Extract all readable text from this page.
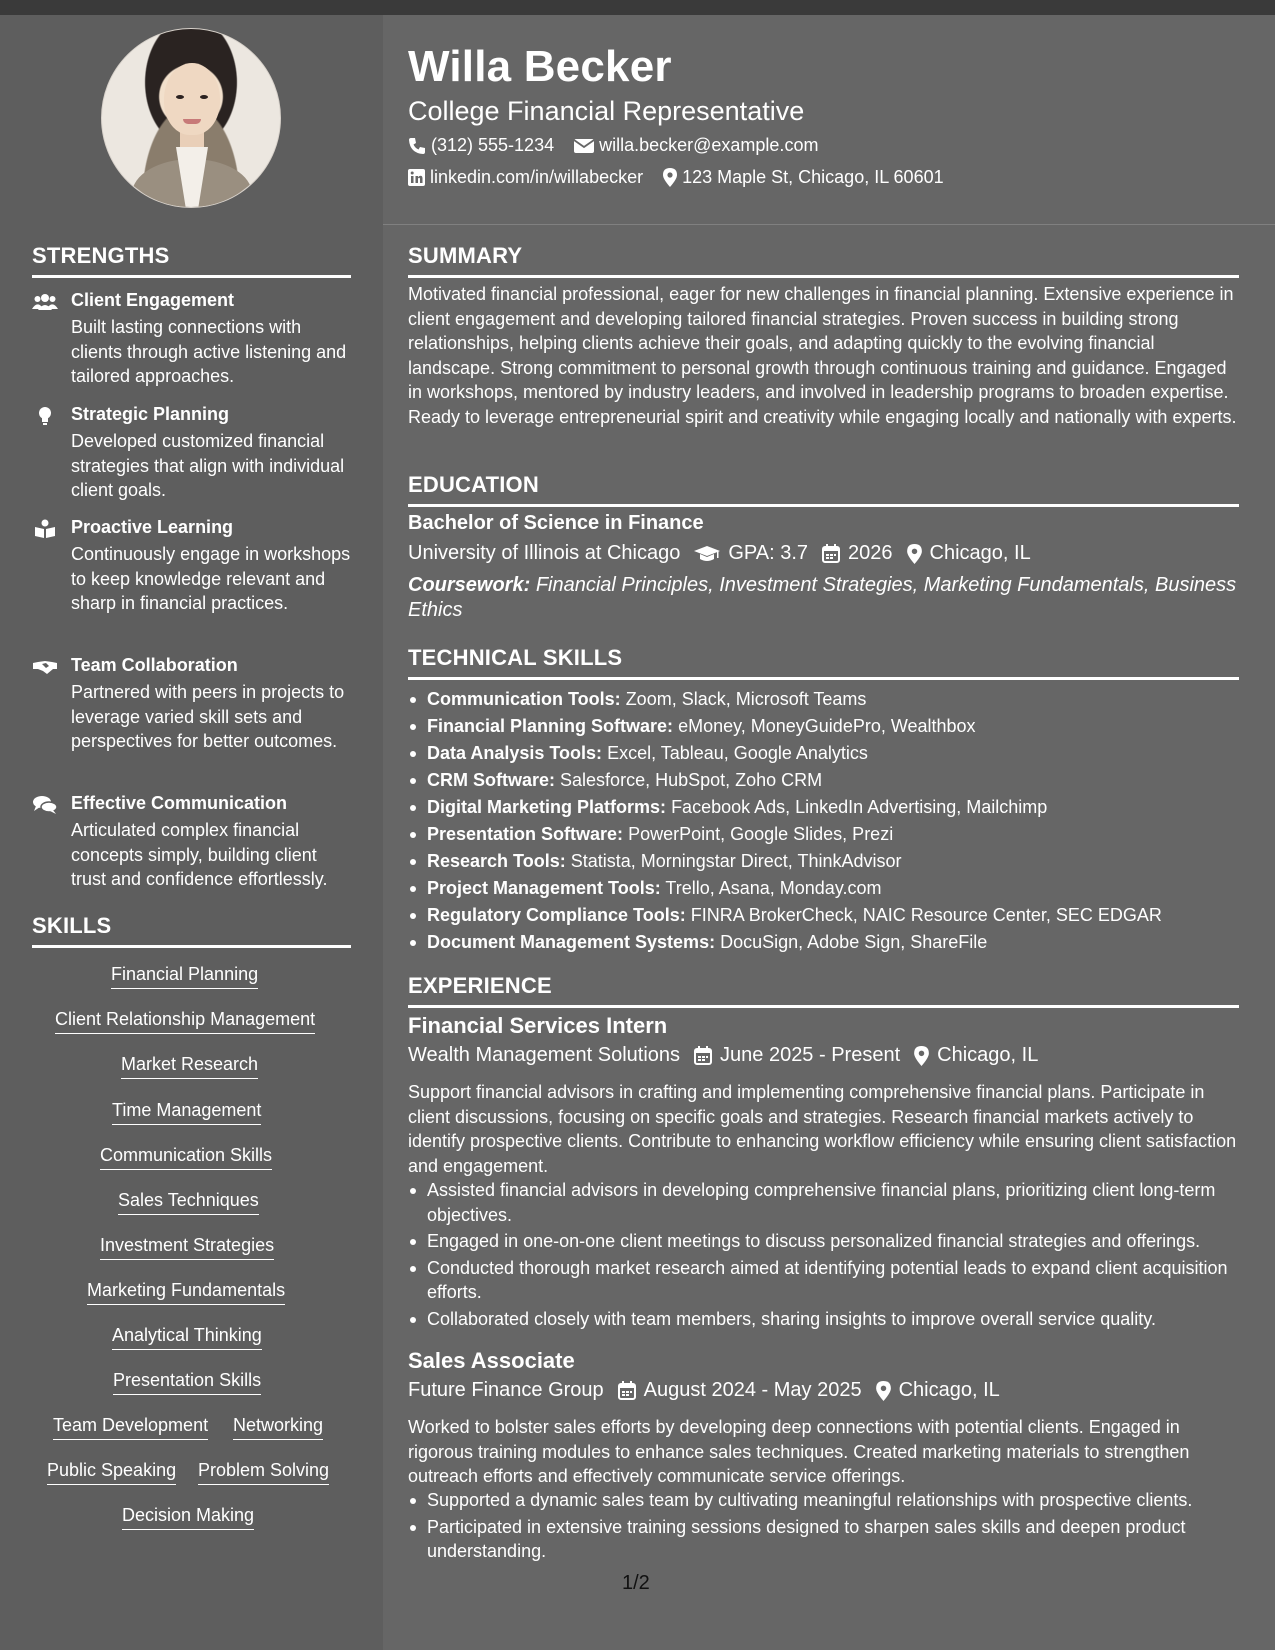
STRENGTHS
Client Engagement
Built lasting connections with clients through active listening and tailored approaches.
Strategic Planning
Developed customized financial strategies that align with individual client goals.
Proactive Learning
Continuously engage in workshops to keep knowledge relevant and sharp in financial practices.
Team Collaboration
Partnered with peers in projects to leverage varied skill sets and perspectives for better outcomes.
Effective Communication
Articulated complex financial concepts simply, building client trust and confidence effortlessly.
SKILLS
Financial Planning
Client Relationship Management
Market Research
Time Management
Communication Skills
Sales Techniques
Investment Strategies
Marketing Fundamentals
Analytical Thinking
Presentation Skills
Team Development Networking
Public Speaking Problem Solving
Decision Making
Willa Becker
College Financial Representative
(312) 555-1234	willa.becker@example.com
linkedin.com/in/willabecker 123 Maple St, Chicago, IL 60601
SUMMARY
Motivated financial professional, eager for new challenges in financial planning. Extensive experience in client engagement and developing tailored financial strategies. Proven success in building strong relationships, helping clients achieve their goals, and adapting quickly to the evolving financial landscape. Strong commitment to personal growth through continuous training and guidance. Engaged in workshops, mentored by industry leaders, and involved in leadership programs to broaden expertise. Ready to leverage entrepreneurial spirit and creativity while engaging locally and nationally with experts.
EDUCATION
Bachelor of Science in Finance
University of Illinois at Chicago GPA: 3.7 2026 Chicago, IL
Coursework: Financial Principles, Investment Strategies, Marketing Fundamentals, Business Ethics
TECHNICAL SKILLS
Communication Tools: Zoom, Slack, Microsoft Teams
Financial Planning Software: eMoney, MoneyGuidePro, Wealthbox
Data Analysis Tools: Excel, Tableau, Google Analytics
CRM Software: Salesforce, HubSpot, Zoho CRM
Digital Marketing Platforms: Facebook Ads, LinkedIn Advertising, Mailchimp
Presentation Software: PowerPoint, Google Slides, Prezi
Research Tools: Statista, Morningstar Direct, ThinkAdvisor
Project Management Tools: Trello, Asana, Monday.com
Regulatory Compliance Tools: FINRA BrokerCheck, NAIC Resource Center, SEC EDGAR
Document Management Systems: DocuSign, Adobe Sign, ShareFile
EXPERIENCE
Financial Services Intern
Wealth Management Solutions June 2025 - Present Chicago, IL
Support financial advisors in crafting and implementing comprehensive financial plans. Participate in client discussions, focusing on specific goals and strategies. Research financial markets actively to identify prospective clients. Contribute to enhancing workflow efficiency while ensuring client satisfaction and engagement.
Assisted financial advisors in developing comprehensive financial plans, prioritizing client long-term objectives.
Engaged in one-on-one client meetings to discuss personalized financial strategies and offerings.
Conducted thorough market research aimed at identifying potential leads to expand client acquisition efforts.
Collaborated closely with team members, sharing insights to improve overall service quality.
Sales Associate
Future Finance Group August 2024 - May 2025 Chicago, IL
Worked to bolster sales efforts by developing deep connections with potential clients. Engaged in rigorous training modules to enhance sales techniques. Created marketing materials to strengthen outreach efforts and effectively communicate service offerings.
Supported a dynamic sales team by cultivating meaningful relationships with prospective clients.
Participated in extensive training sessions designed to sharpen sales skills and deepen product understanding.
1/2
